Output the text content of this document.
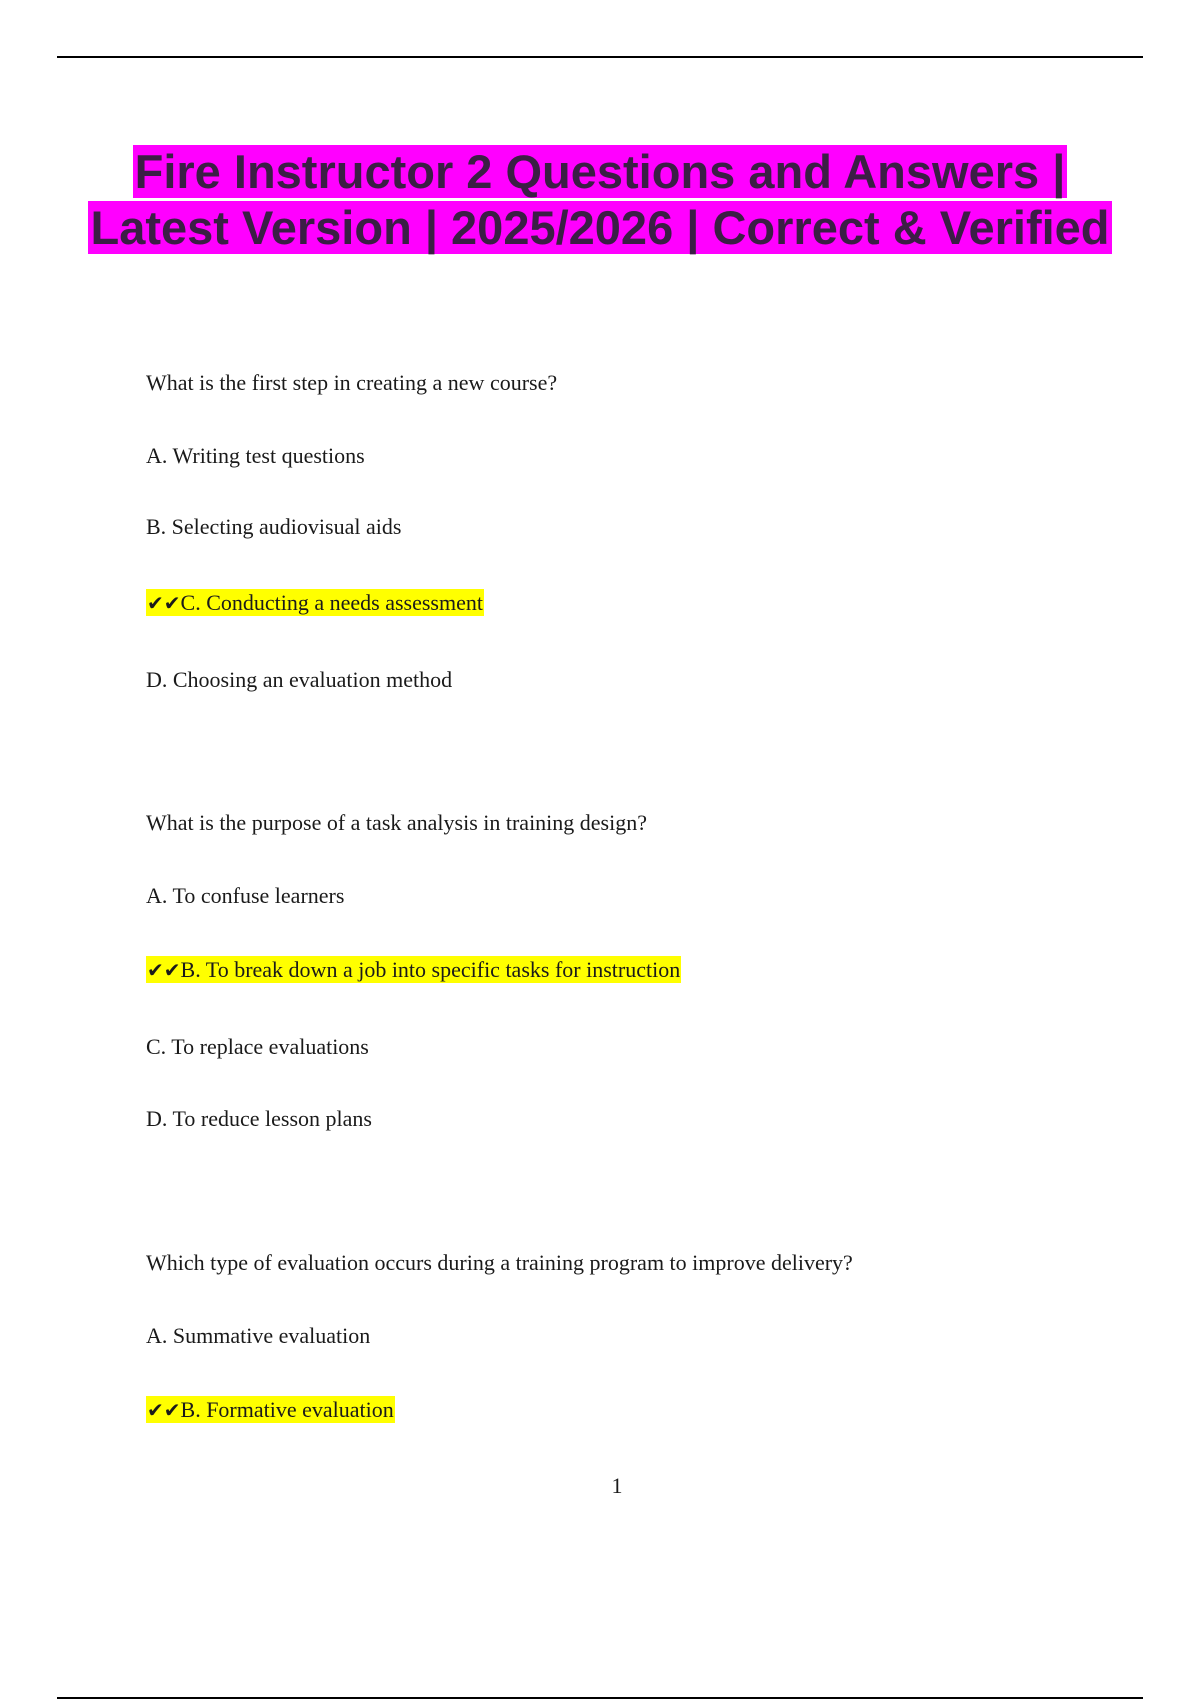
Fire Instructor 2 Questions and Answers | Latest Version | 2025/2026 | Correct & Verified

What is the first step in creating a new course?

A. Writing test questions

B. Selecting audiovisual aids

✔✔C. Conducting a needs assessment

D. Choosing an evaluation method

What is the purpose of a task analysis in training design?

A. To confuse learners

✔✔B. To break down a job into specific tasks for instruction

C. To replace evaluations

D. To reduce lesson plans

Which type of evaluation occurs during a training program to improve delivery?

A. Summative evaluation

✔✔B. Formative evaluation

1
